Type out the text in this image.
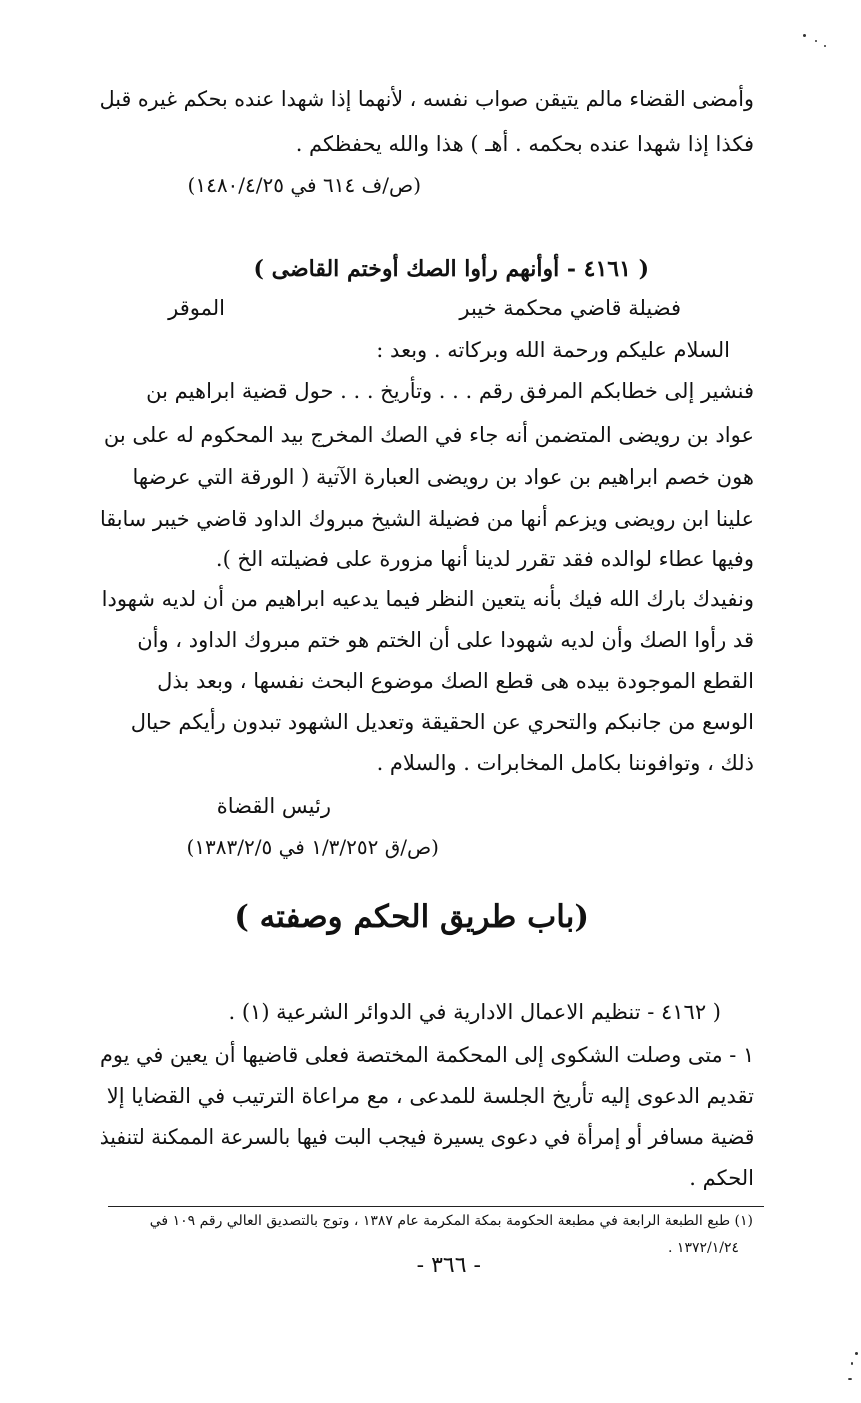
وأمضى القضاء مالم يتيقن صواب نفسه ، لأنهما إذا شهدا عنده بحكم غيره قبل
فكذا إذا شهدا عنده بحكمه . أهـ ) هذا والله يحفظكم .
(ص/ف ٦١٤ في ١٤٨٠/٤/٢٥)
( ٤١٦١ - أوأنهم رأوا الصك أوختم القاضى )
فضيلة قاضي محكمة خيبر
الموقر
السلام عليكم ورحمة الله وبركاته . وبعد :
فنشير إلى خطابكم المرفق رقم . . . وتأريخ . . . حول قضية ابراهيم بن
عواد بن رويضى المتضمن أنه جاء في الصك المخرج بيد المحكوم له على بن
هون خصم ابراهيم بن عواد بن رويضى العبارة الآتية ( الورقة التي عرضها
علينا ابن رويضى ويزعم أنها من فضيلة الشيخ مبروك الداود قاضي خيبر سابقا
وفيها عطاء لوالده فقد تقرر لدينا أنها مزورة على فضيلته الخ ).
ونفيدك بارك الله فيك بأنه يتعين النظر فيما يدعيه ابراهيم من أن لديه شهودا
قد رأوا الصك وأن لديه شهودا على أن الختم هو ختم مبروك الداود ، وأن
القطع الموجودة بيده هى قطع الصك موضوع البحث نفسها ، وبعد بذل
الوسع من جانبكم والتحري عن الحقيقة وتعديل الشهود تبدون رأيكم حيال
ذلك ، وتوافوننا بكامل المخابرات . والسلام .
رئيس القضاة
(ص/ق ١/٣/٢٥٢ في ١٣٨٣/٢/٥)
(باب طريق الحكم وصفته )
( ٤١٦٢ - تنظيم الاعمال الادارية في الدوائر الشرعية (١) .
١ - متى وصلت الشكوى إلى المحكمة المختصة فعلى قاضيها أن يعين في يوم
تقديم الدعوى إليه تأريخ الجلسة للمدعى ، مع مراعاة الترتيب في القضايا إلا
قضية مسافر أو إمرأة في دعوى يسيرة فيجب البت فيها بالسرعة الممكنة لتنفيذ
الحكم .
(١) طبع الطبعة الرابعة في مطبعة الحكومة بمكة المكرمة عام ١٣٨٧ ، وتوج بالتصديق العالي رقم ١٠٩ في
١٣٧٢/١/٢٤ .
- ٣٦٦ -
